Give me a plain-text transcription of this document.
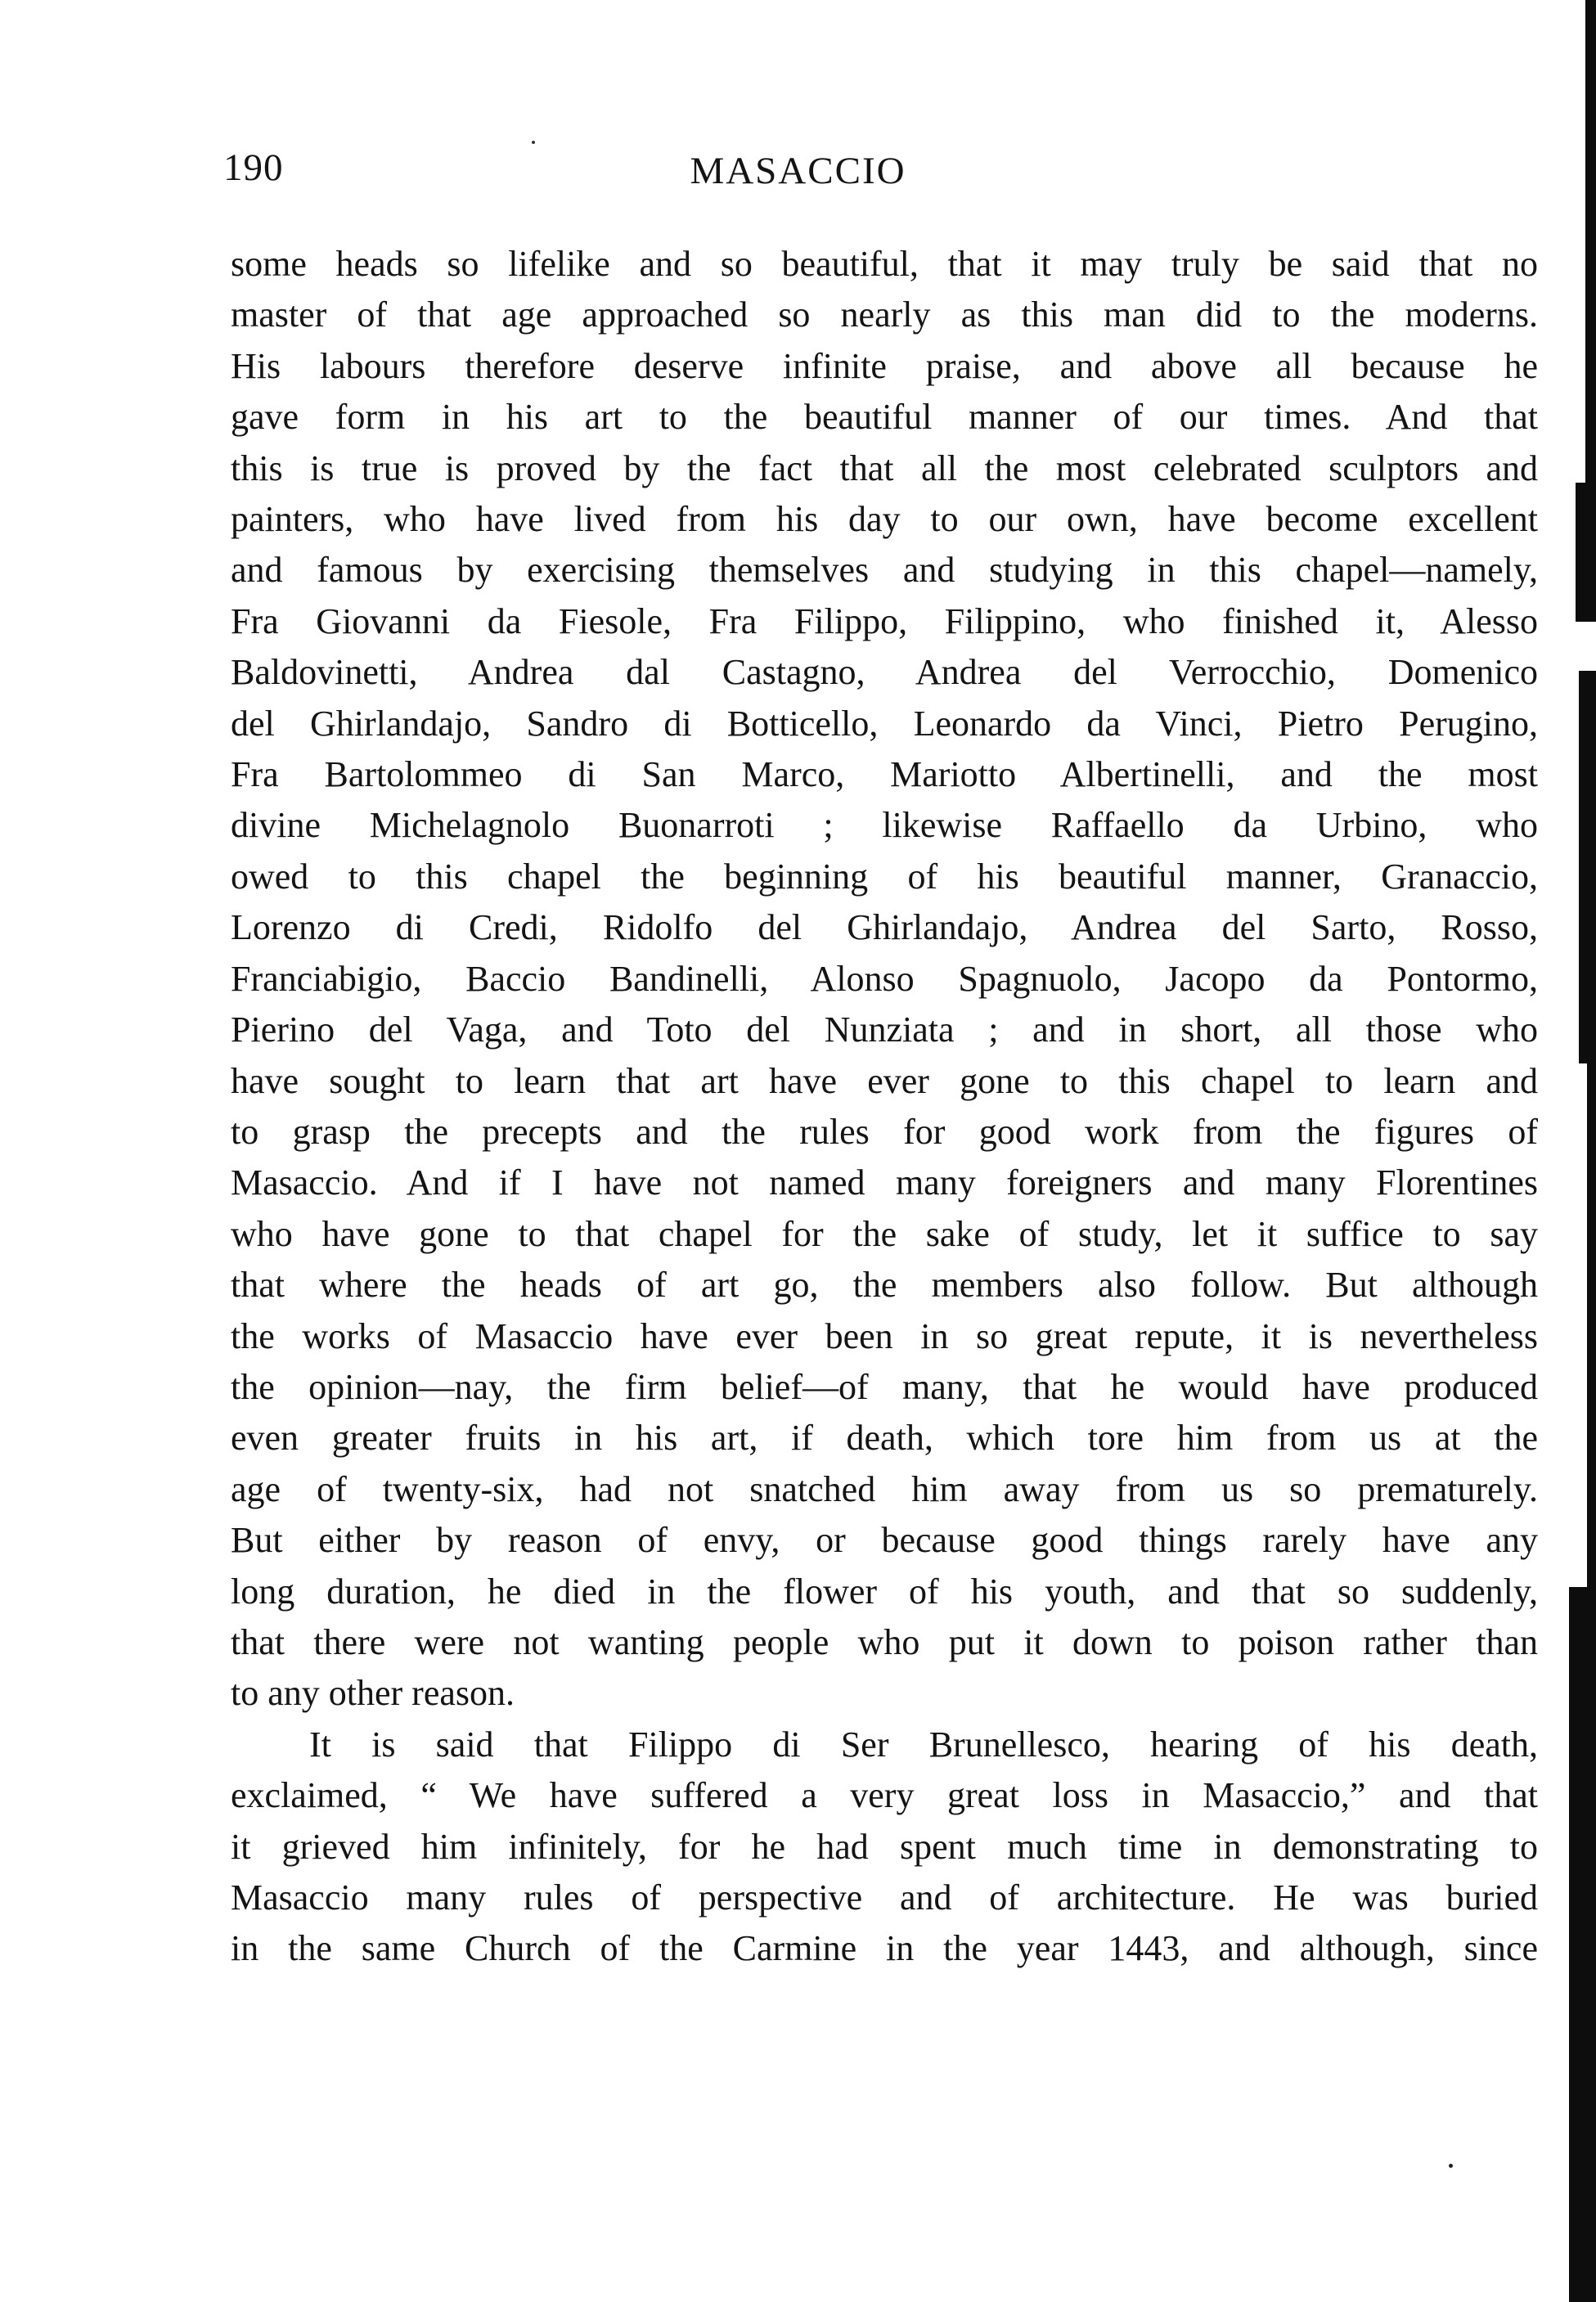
190	MASACCIO

some heads so lifelike and so beautiful, that it may truly be said that no
master of that age approached so nearly as this man did to the moderns.
His labours therefore deserve infinite praise, and above all because he
gave form in his art to the beautiful manner of our times. And that
this is true is proved by the fact that all the most celebrated sculptors and
painters, who have lived from his day to our own, have become excellent
and famous by exercising themselves and studying in this chapel—namely,
Fra Giovanni da Fiesole, Fra Filippo, Filippino, who finished it, Alesso
Baldovinetti, Andrea dal Castagno, Andrea del Verrocchio, Domenico
del Ghirlandajo, Sandro di Botticello, Leonardo da Vinci, Pietro Perugino,
Fra Bartolommeo di San Marco, Mariotto Albertinelli, and the most
divine Michelagnolo Buonarroti ; likewise Raffaello da Urbino, who
owed to this chapel the beginning of his beautiful manner, Granaccio,
Lorenzo di Credi, Ridolfo del Ghirlandajo, Andrea del Sarto, Rosso,
Franciabigio, Baccio Bandinelli, Alonso Spagnuolo, Jacopo da Pontormo,
Pierino del Vaga, and Toto del Nunziata ; and in short, all those who
have sought to learn that art have ever gone to this chapel to learn and
to grasp the precepts and the rules for good work from the figures of
Masaccio. And if I have not named many foreigners and many Florentines
who have gone to that chapel for the sake of study, let it suffice to say
that where the heads of art go, the members also follow. But although
the works of Masaccio have ever been in so great repute, it is nevertheless
the opinion—nay, the firm belief—of many, that he would have produced
even greater fruits in his art, if death, which tore him from us at the
age of twenty-six, had not snatched him away from us so prematurely.
But either by reason of envy, or because good things rarely have any
long duration, he died in the flower of his youth, and that so suddenly,
that there were not wanting people who put it down to poison rather than
to any other reason.

It is said that Filippo di Ser Brunellesco, hearing of his death,
exclaimed, “ We have suffered a very great loss in Masaccio,” and that
it grieved him infinitely, for he had spent much time in demonstrating to
Masaccio many rules of perspective and of architecture. He was buried
in the same Church of the Carmine in the year 1443, and although, since
